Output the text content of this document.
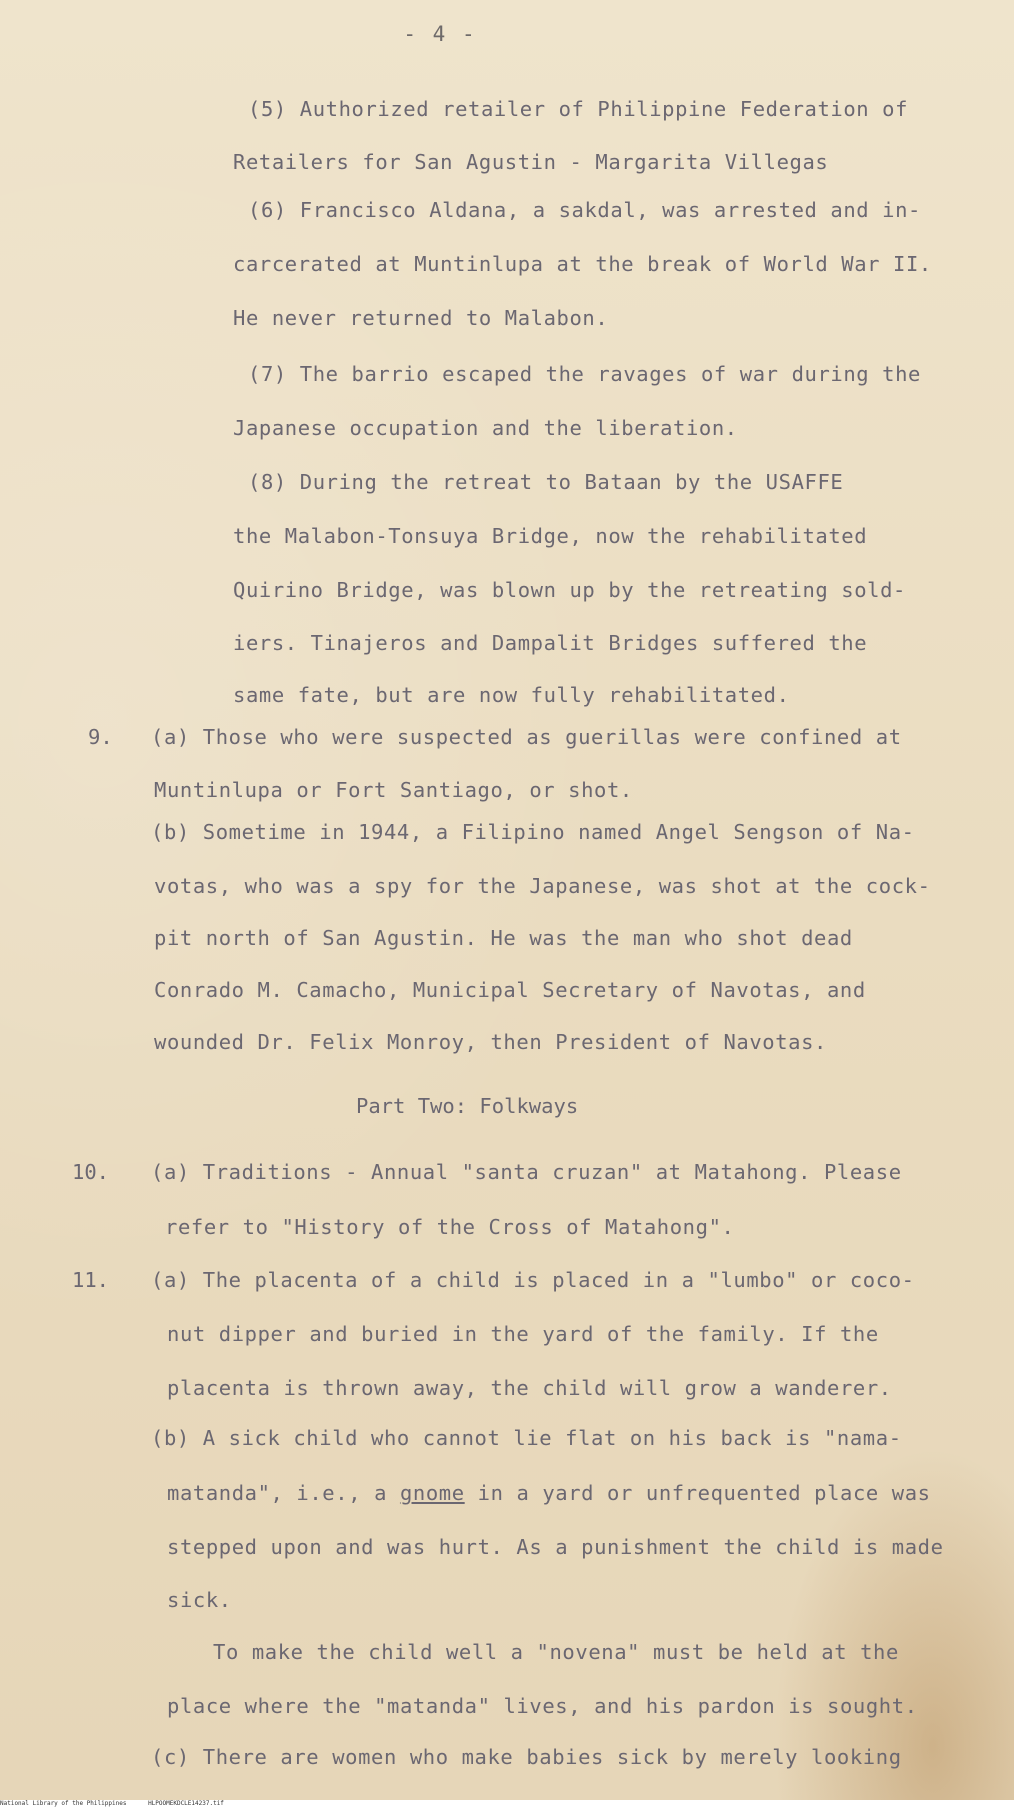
- 4 -
(5) Authorized retailer of Philippine Federation of
Retailers for San Agustin - Margarita Villegas
(6) Francisco Aldana, a sakdal, was arrested and in-
carcerated at Muntinlupa at the break of World War II.
He never returned to Malabon.
(7) The barrio escaped the ravages of war during the
Japanese occupation and the liberation.
(8) During the retreat to Bataan by the USAFFE
the Malabon-Tonsuya Bridge, now the rehabilitated
Quirino Bridge, was blown up by the retreating sold-
iers. Tinajeros and Dampalit Bridges suffered the
same fate, but are now fully rehabilitated.
9. (a) Those who were suspected as guerillas were confined at
Muntinlupa or Fort Santiago, or shot.
(b) Sometime in 1944, a Filipino named Angel Sengson of Na-
votas, who was a spy for the Japanese, was shot at the cock-
pit north of San Agustin. He was the man who shot dead
Conrado M. Camacho, Municipal Secretary of Navotas, and
wounded Dr. Felix Monroy, then President of Navotas.
Part Two: Folkways
10. (a) Traditions - Annual "santa cruzan" at Matahong. Please
refer to "History of the Cross of Matahong".
11. (a) The placenta of a child is placed in a "lumbo" or coco-
nut dipper and buried in the yard of the family. If the
placenta is thrown away, the child will grow a wanderer.
(b) A sick child who cannot lie flat on his back is "nama-
matanda", i.e., a gnome in a yard or unfrequented place was
stepped upon and was hurt. As a punishment the child is made
sick.
To make the child well a "novena" must be held at the
place where the "matanda" lives, and his pardon is sought.
(c) There are women who make babies sick by merely looking
National Library of the Philippines	HLPOOMEKDCLE14237.tif
